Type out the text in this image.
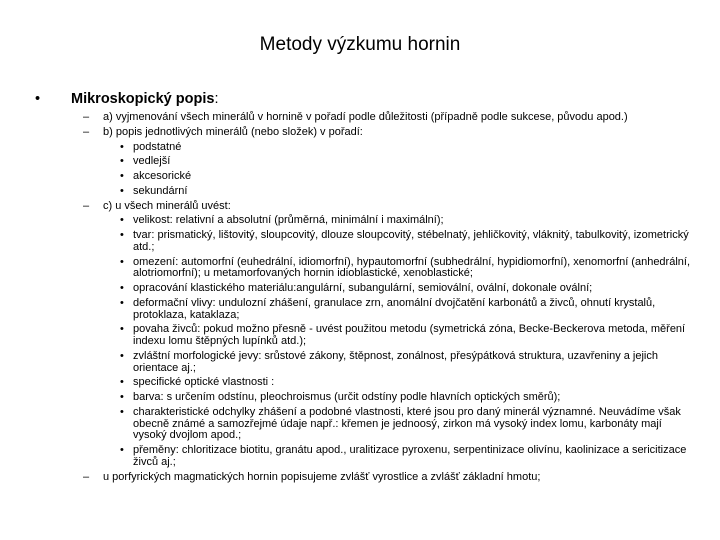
Metody výzkumu hornin
• Mikroskopický popis:
– a) vyjmenování všech minerálů v hornině v pořadí podle důležitosti (případně podle sukcese, původu apod.)
– b) popis jednotlivých minerálů (nebo složek) v pořadí:
• podstatné
• vedlejší
• akcesorické
• sekundární
– c) u všech minerálů uvést:
• velikost: relativní a absolutní (průměrná, minimální i maximální);
• tvar: prismatický, lištovitý, sloupcovitý, dlouze sloupcovitý, stébelnatý, jehličkovitý, vláknitý, tabulkovitý, izometrický atd.;
• omezení: automorfní (euhedrální, idiomorfní), hypautomorfní (subhedrální, hypidiomorfní), xenomorfní (anhedrální, alotriomorfní); u metamorfovaných hornin idioblastické, xenoblastické;
• opracování klastického materiálu:angulární, subangulární, semiovální, ovální, dokonale ovální;
• deformační vlivy: undulozní zhášení, granulace zrn, anomální dvojčatění karbonátů a živců, ohnutí krystalů, protoklaza, kataklaza;
• povaha živců: pokud možno přesně - uvést použitou metodu (symetrická zóna, Becke-Beckerova metoda, měření indexu lomu štěpných lupínků atd.);
• zvláštní morfologické jevy: srůstové zákony, štěpnost, zonálnost, přesýpátková struktura, uzavřeniny a jejich orientace aj.;
• specifické optické vlastnosti :
• barva: s určením odstínu, pleochroismus (určit odstíny podle hlavních optických směrů);
• charakteristické odchylky zhášení a podobné vlastnosti, které jsou pro daný minerál významné. Neuvádíme však obecně známé a samozřejmé údaje např.: křemen je jednoosý, zirkon má vysoký index lomu, karbonáty mají vysoký dvojlom apod.;
• přeměny: chloritizace biotitu, granátu apod., uralitizace pyroxenu, serpentinizace olivínu, kaolinizace a sericitizace živců aj.;
– u porfyrických magmatických hornin popisujeme zvlášť vyrostlice a zvlášť základní hmotu;
